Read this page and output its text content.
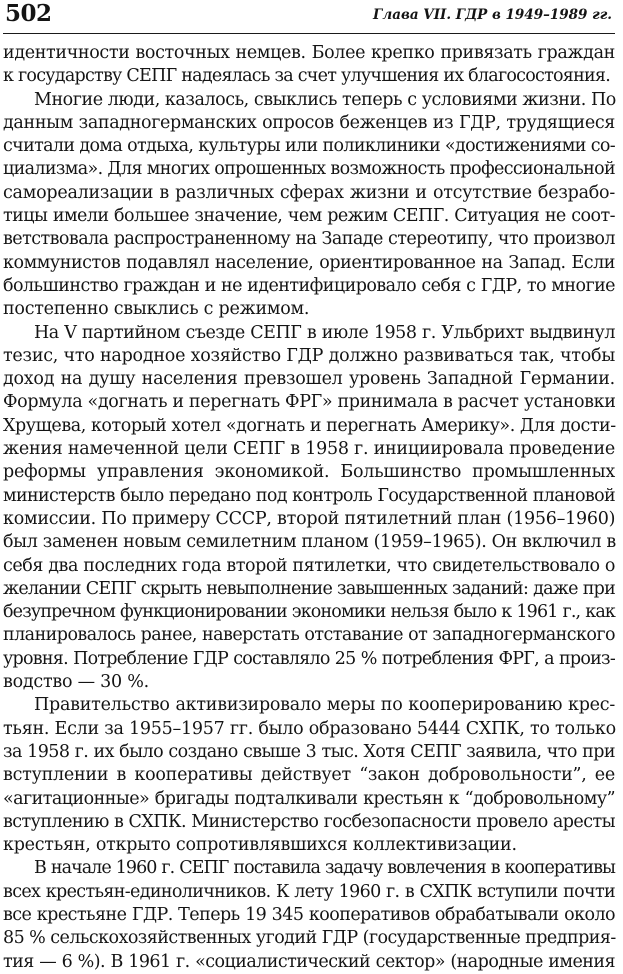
502	Глава VII. ГДР в 1949–1989 гг.
идентичности восточных немцев. Более крепко привязать граждан
к государству СЕПГ надеялась за счет улучшения их благосостояния.
Многие люди, казалось, свыклись теперь с условиями жизни. По
данным западногерманских опросов беженцев из ГДР, трудящиеся
считали дома отдыха, культуры или поликлиники «достижениями со-
циализма». Для многих опрошенных возможность профессиональной
самореализации в различных сферах жизни и отсутствие безрабо-
тицы имели большее значение, чем режим СЕПГ. Ситуация не соот-
ветствовала распространенному на Западе стереотипу, что произвол
коммунистов подавлял население, ориентированное на Запад. Если
большинство граждан и не идентифицировало себя с ГДР, то многие
постепенно свыклись с режимом.
На V партийном съезде СЕПГ в июле 1958 г. Ульбрихт выдвинул
тезис, что народное хозяйство ГДР должно развиваться так, чтобы
доход на душу населения превзошел уровень Западной Германии.
Формула «догнать и перегнать ФРГ» принимала в расчет установки
Хрущева, который хотел «догнать и перегнать Америку». Для дости-
жения намеченной цели СЕПГ в 1958 г. инициировала проведение
реформы управления экономикой. Большинство промышленных
министерств было передано под контроль Государственной плановой
комиссии. По примеру СССР, второй пятилетний план (1956–1960)
был заменен новым семилетним планом (1959–1965). Он включил в
себя два последних года второй пятилетки, что свидетельствовало о
желании СЕПГ скрыть невыполнение завышенных заданий: даже при
безупречном функционировании экономики нельзя было к 1961 г., как
планировалось ранее, наверстать отставание от западногерманского
уровня. Потребление ГДР составляло 25 % потребления ФРГ, а произ-
водство — 30 %.
Правительство активизировало меры по кооперированию крес-
тьян. Если за 1955–1957 гг. было образовано 5444 СХПК, то только
за 1958 г. их было создано свыше 3 тыс. Хотя СЕПГ заявила, что при
вступлении в кооперативы действует “закон добровольности”, ее
«агитационные» бригады подталкивали крестьян к “добровольному”
вступлению в СХПК. Министерство госбезопасности провело аресты
крестьян, открыто сопротивлявшихся коллективизации.
В начале 1960 г. СЕПГ поставила задачу вовлечения в кооперативы
всех крестьян-единоличников. К лету 1960 г. в СХПК вступили почти
все крестьяне ГДР. Теперь 19 345 кооперативов обрабатывали около
85 % сельскохозяйственных угодий ГДР (государственные предприя-
тия — 6 %). В 1961 г. «социалистический сектор» (народные имения
